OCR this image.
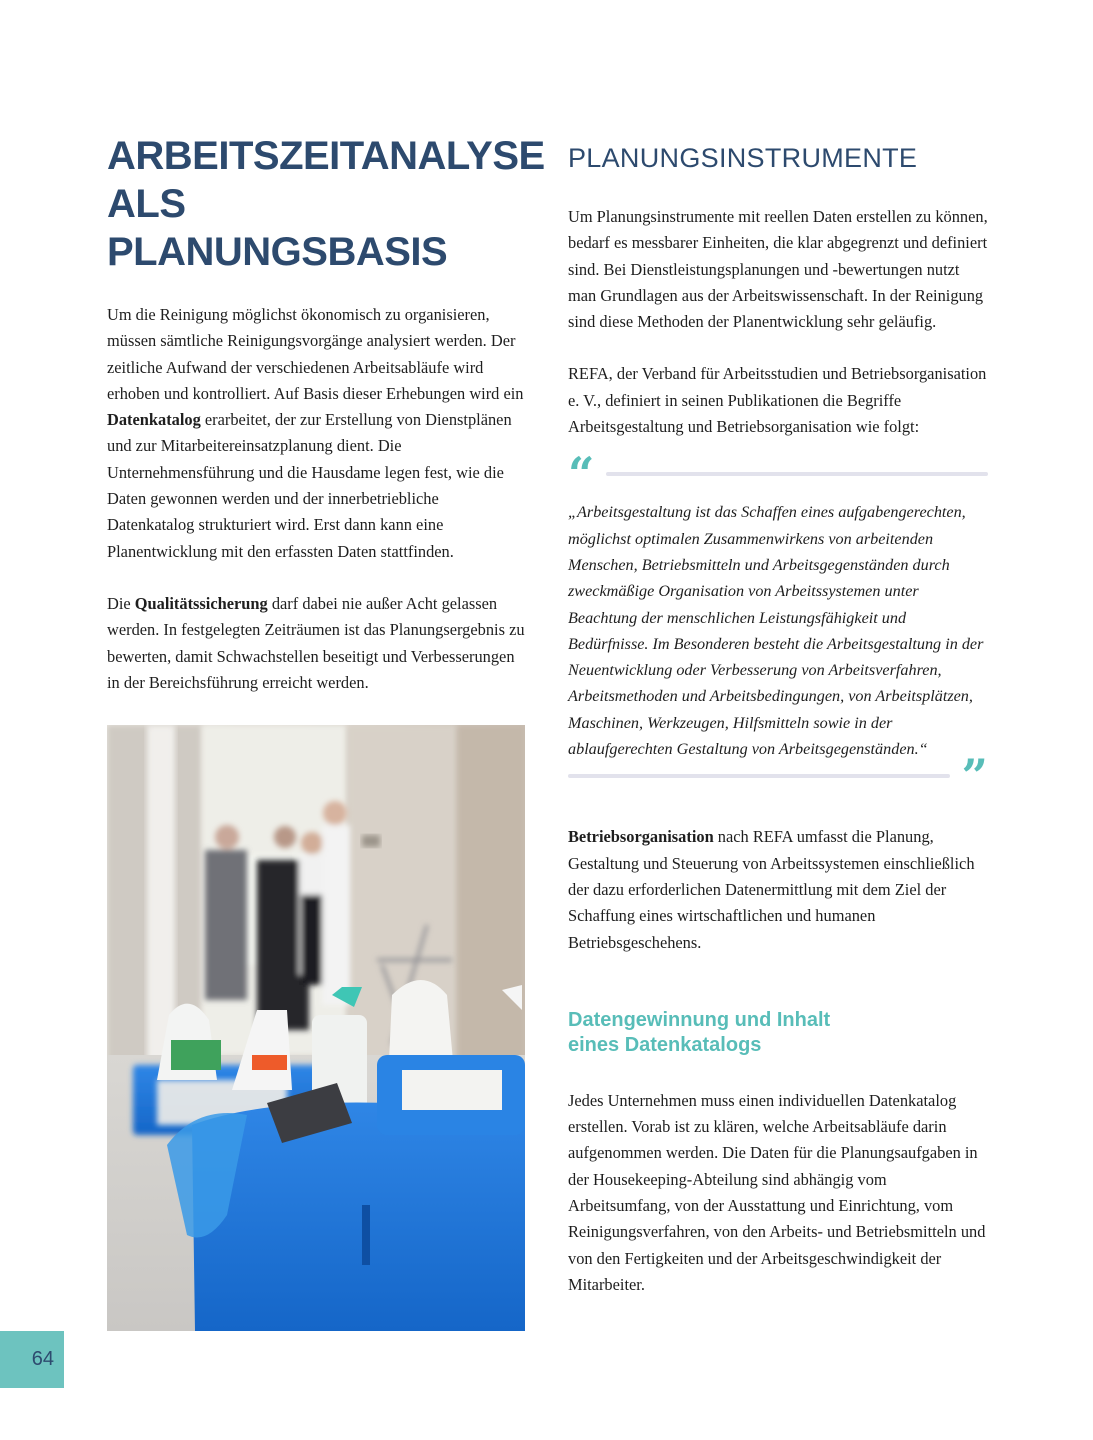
ARBEITSZEITANALYSE
ALS PLANUNGSBASIS

Um die Reinigung möglichst ökonomisch zu organisieren, müssen sämtliche Reinigungsvorgänge analysiert werden. Der zeitliche Aufwand der verschiedenen Arbeitsabläufe wird erhoben und kontrolliert. Auf Basis dieser Erhebungen wird ein Datenkatalog erarbeitet, der zur Erstellung von Dienstplänen und zur Mitarbeitereinsatzplanung dient. Die Unternehmensführung und die Hausdame legen fest, wie die Daten gewonnen werden und der innerbetriebliche Datenkatalog strukturiert wird. Erst dann kann eine Planentwicklung mit den erfassten Daten stattfinden.

Die Qualitätssicherung darf dabei nie außer Acht gelassen werden. In festgelegten Zeiträumen ist das Planungsergebnis zu bewerten, damit Schwachstellen beseitigt und Verbesserungen in der Bereichsführung erreicht werden.

PLANUNGSINSTRUMENTE

Um Planungsinstrumente mit reellen Daten erstellen zu können, bedarf es messbarer Einheiten, die klar abgegrenzt und definiert sind. Bei Dienstleistungsplanungen und -bewertungen nutzt man Grundlagen aus der Arbeitswissenschaft. In der Reinigung sind diese Methoden der Planentwicklung sehr geläufig.

REFA, der Verband für Arbeitsstudien und Betriebsorganisation e. V., definiert in seinen Publikationen die Begriffe Arbeitsgestaltung und Betriebsorganisation wie folgt:

“

„Arbeitsgestaltung ist das Schaffen eines aufgabengerechten, möglichst optimalen Zusammenwirkens von arbeitenden Menschen, Betriebsmitteln und Arbeitsgegenständen durch zweckmäßige Organisation von Arbeitssystemen unter Beachtung der menschlichen Leistungsfähigkeit und Bedürfnisse. Im Besonderen besteht die Arbeitsgestaltung in der Neuentwicklung oder Verbesserung von Arbeitsverfahren, Arbeitsmethoden und Arbeitsbedingungen, von Arbeitsplätzen, Maschinen, Werkzeugen, Hilfsmitteln sowie in der ablaufgerechten Gestaltung von Arbeitsgegenständen.“

”

Betriebsorganisation nach REFA umfasst die Planung, Gestaltung und Steuerung von Arbeitssystemen einschließlich der dazu erforderlichen Datenermittlung mit dem Ziel der Schaffung eines wirtschaftlichen und humanen Betriebsgeschehens.

Datengewinnung und Inhalt
eines Datenkatalogs

Jedes Unternehmen muss einen individuellen Datenkatalog erstellen. Vorab ist zu klären, welche Arbeitsabläufe darin aufgenommen werden. Die Daten für die Planungsaufgaben in der Housekeeping-Abteilung sind abhängig vom Arbeitsumfang, von der Ausstattung und Einrichtung, vom Reinigungsverfahren, von den Arbeits- und Betriebsmitteln und von den Fertigkeiten und der Arbeitsgeschwindigkeit der Mitarbeiter.

64
